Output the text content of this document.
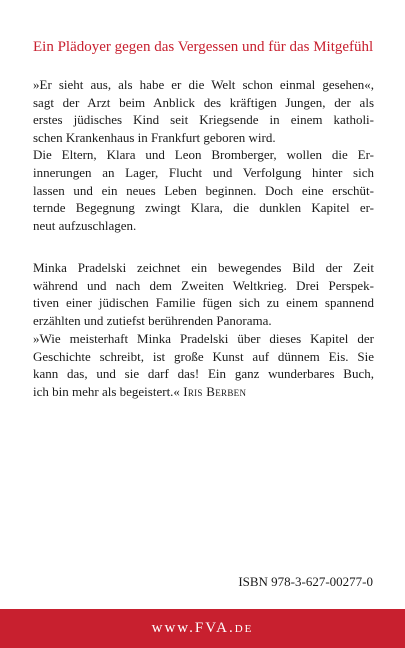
Ein Plädoyer gegen das Vergessen und für das Mitgefühl

»Er sieht aus, als habe er die Welt schon einmal gesehen«,
sagt der Arzt beim Anblick des kräftigen Jungen, der als
erstes jüdisches Kind seit Kriegsende in einem katholi-
schen Krankenhaus in Frankfurt geboren wird.
Die Eltern, Klara und Leon Bromberger, wollen die Er-
innerungen an Lager, Flucht und Verfolgung hinter sich
lassen und ein neues Leben beginnen. Doch eine erschüt-
ternde Begegnung zwingt Klara, die dunklen Kapitel er-
neut aufzuschlagen.

Minka Pradelski zeichnet ein bewegendes Bild der Zeit
während und nach dem Zweiten Weltkrieg. Drei Perspek-
tiven einer jüdischen Familie fügen sich zu einem spannend
erzählten und zutiefst berührenden Panorama.

»Wie meisterhaft Minka Pradelski über dieses Kapitel der
Geschichte schreibt, ist große Kunst auf dünnem Eis. Sie
kann das, und sie darf das! Ein ganz wunderbares Buch,
ich bin mehr als begeistert.« Iris Berben

ISBN 978-3-627-00277-0
www.FVA.de
